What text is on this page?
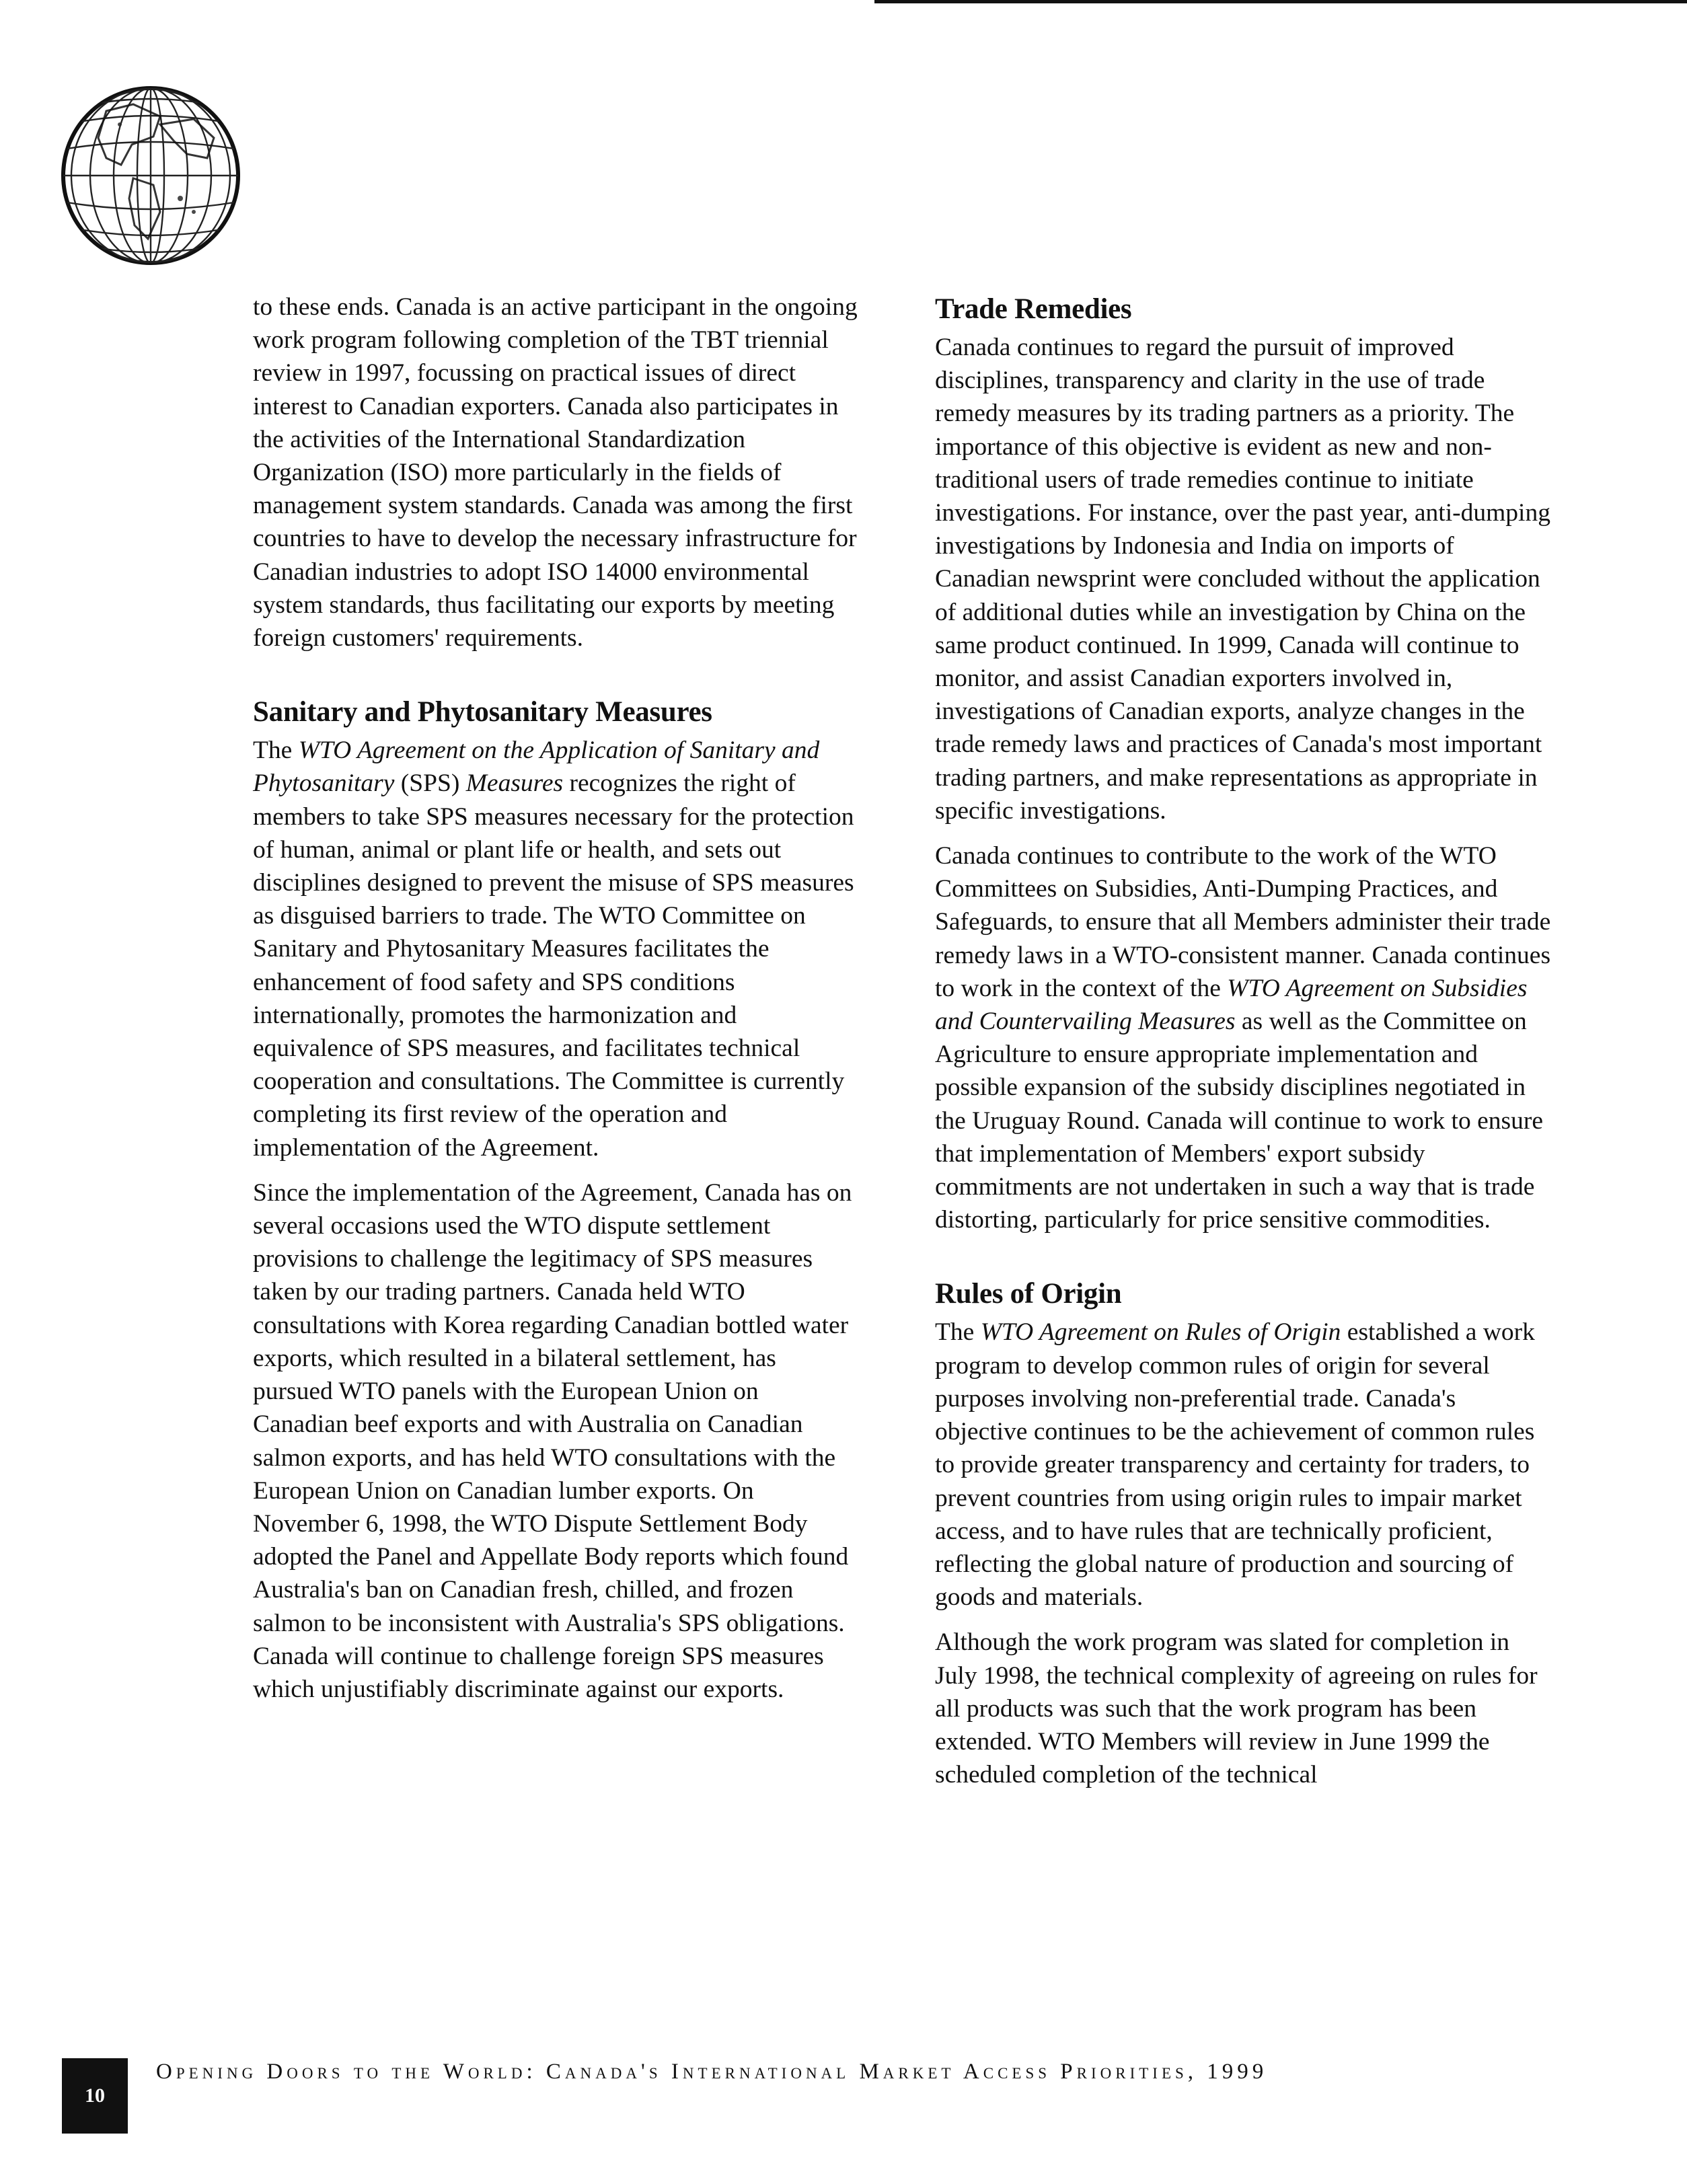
to these ends. Canada is an active participant in the ongoing work program following completion of the TBT triennial review in 1997, focussing on practical issues of direct interest to Canadian exporters. Canada also participates in the activities of the International Standardization Organization (ISO) more particularly in the fields of management system standards. Canada was among the first countries to have to develop the necessary infrastructure for Canadian industries to adopt ISO 14000 environmental system standards, thus facilitating our exports by meeting foreign customers' requirements.

Sanitary and Phytosanitary Measures

The WTO Agreement on the Application of Sanitary and Phytosanitary (SPS) Measures recognizes the right of members to take SPS measures necessary for the protection of human, animal or plant life or health, and sets out disciplines designed to prevent the misuse of SPS measures as disguised barriers to trade. The WTO Committee on Sanitary and Phytosanitary Measures facilitates the enhancement of food safety and SPS conditions internationally, promotes the harmonization and equivalence of SPS measures, and facilitates technical cooperation and consultations. The Committee is currently completing its first review of the operation and implementation of the Agreement.

Since the implementation of the Agreement, Canada has on several occasions used the WTO dispute settlement provisions to challenge the legitimacy of SPS measures taken by our trading partners. Canada held WTO consultations with Korea regarding Canadian bottled water exports, which resulted in a bilateral settlement, has pursued WTO panels with the European Union on Canadian beef exports and with Australia on Canadian salmon exports, and has held WTO consultations with the European Union on Canadian lumber exports. On November 6, 1998, the WTO Dispute Settlement Body adopted the Panel and Appellate Body reports which found Australia's ban on Canadian fresh, chilled, and frozen salmon to be inconsistent with Australia's SPS obligations. Canada will continue to challenge foreign SPS measures which unjustifiably discriminate against our exports.

Trade Remedies

Canada continues to regard the pursuit of improved disciplines, transparency and clarity in the use of trade remedy measures by its trading partners as a priority. The importance of this objective is evident as new and non-traditional users of trade remedies continue to initiate investigations. For instance, over the past year, anti-dumping investigations by Indonesia and India on imports of Canadian newsprint were concluded without the application of additional duties while an investigation by China on the same product continued. In 1999, Canada will continue to monitor, and assist Canadian exporters involved in, investigations of Canadian exports, analyze changes in the trade remedy laws and practices of Canada's most important trading partners, and make representations as appropriate in specific investigations.

Canada continues to contribute to the work of the WTO Committees on Subsidies, Anti-Dumping Practices, and Safeguards, to ensure that all Members administer their trade remedy laws in a WTO-consistent manner. Canada continues to work in the context of the WTO Agreement on Subsidies and Countervailing Measures as well as the Committee on Agriculture to ensure appropriate implementation and possible expansion of the subsidy disciplines negotiated in the Uruguay Round. Canada will continue to work to ensure that implementation of Members' export subsidy commitments are not undertaken in such a way that is trade distorting, particularly for price sensitive commodities.

Rules of Origin

The WTO Agreement on Rules of Origin established a work program to develop common rules of origin for several purposes involving non-preferential trade. Canada's objective continues to be the achievement of common rules to provide greater transparency and certainty for traders, to prevent countries from using origin rules to impair market access, and to have rules that are technically proficient, reflecting the global nature of production and sourcing of goods and materials.

Although the work program was slated for completion in July 1998, the technical complexity of agreeing on rules for all products was such that the work program has been extended. WTO Members will review in June 1999 the scheduled completion of the technical

10
Opening Doors to the World: Canada's International Market Access Priorities, 1999
